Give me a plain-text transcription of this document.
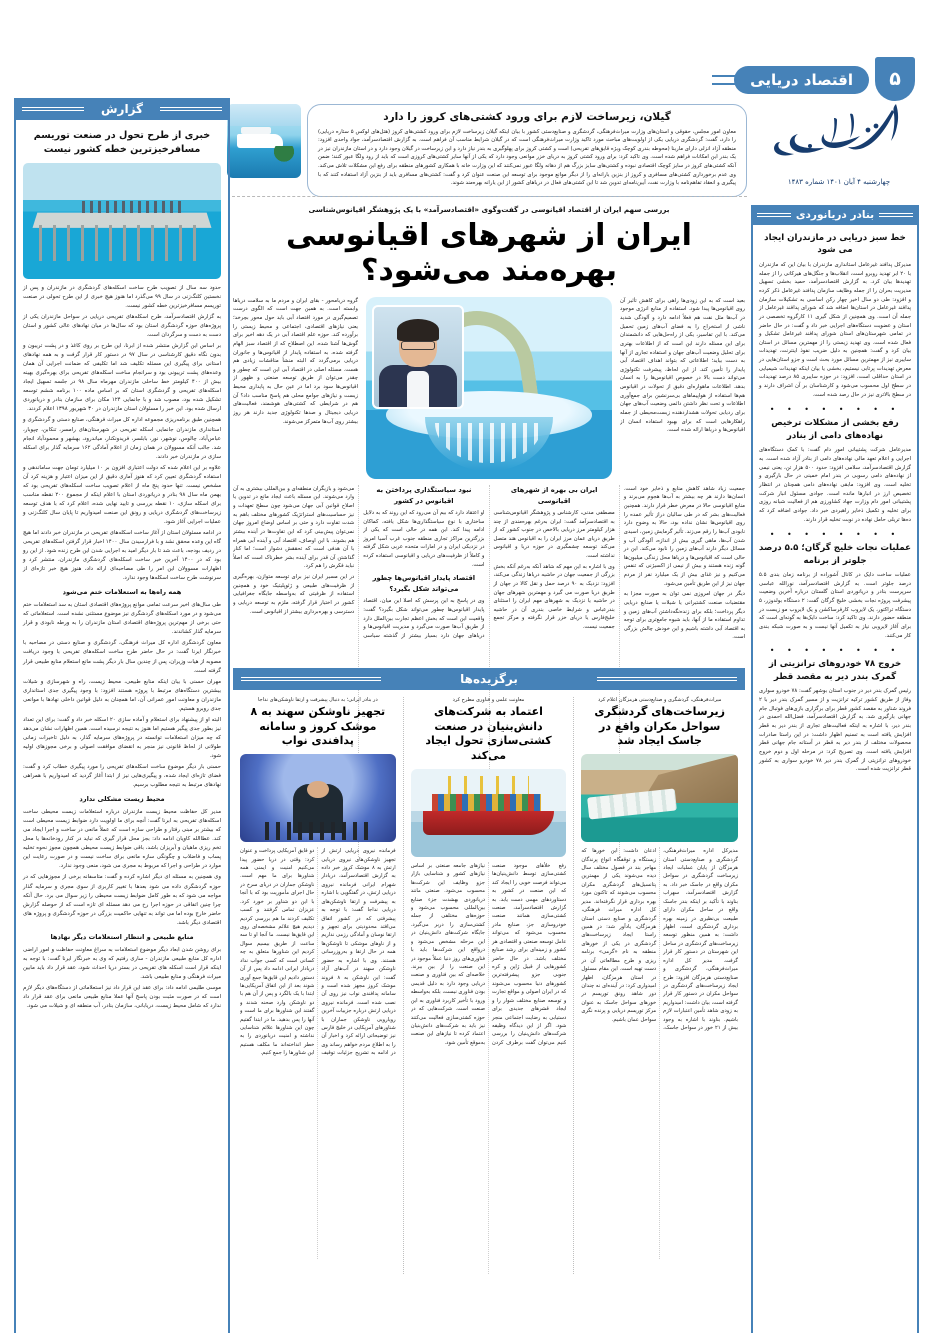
۵
اقتصاد دریایی
چهارشنبه ۴ آبان ۱۴۰۱ شماره ۱۴۸۳
گیلان، زیرساخت لازم برای ورود کشتی‌های کروز را دارد
معاون امور مجلس، حقوقی و استان‌های وزارت میراث‌فرهنگی، گردشگری و صنایع‌دستی کشور با بیان اینکه گیلان زیرساخت لازم برای ورود کشتی‌های کروز (هتل‌های لوکس ۵ ستاره دریایی) را دارد، گفت: گردشگری دریایی یکی از اولویت‌های مباحث مورد تاکید وزارت میراث‌فرهنگی است که در گیلان شرایط مناسب آن فراهم است. به گزارش اقتصادسرآمد، جواد واحدی افزود: منطقه آزاد انزلی دارای مارینا (محوطه بندری کوچک ویژه قایق‌های تفریحی) است و کشتی کروز برای پهلوگیری به بندر نیاز دارد و این زیرساخت در گیلان وجود دارد و در استان مازندران نیز در یک بندر این امکانات فراهم شده است. وی تاکید کرد: برای ورود کشتی کروز به دریای خزر موانعی وجود دارد که یکی از آنها سایر کشتی‌های کروزی است که باید از رود ولگا عبور کنند؛ ضمن آنکه کشتی‌های کروز در سایز کوچک اقتصادی نبوده و کشتی‌های سایز بزرگ هم از دهانه ولگا عبور نمی‌کنند که این وزارت خانه با همکاری کشورهای منطقه برای رفع این مشکلات تلاش می‌کند. وی عدم برخورداری کشتی‌های مسافری و کروز از بنزین یارانه‌ای را از دیگر موانع موجود برای توسعه این صنعت عنوان کرد و گفت: کشتی‌های مسافری باید از بنزین آزاد استفاده کنند که با پیگیری و انعقاد تفاهم‌نامه با وزارت نفت، آیین‌نامه‌ای تدوین شد تا این کشتی‌های فعال در دریاهای کشور از این یارانه بهره‌مند شوند.
گزارش
خبری از طرح تحول در صنعت توریسم مسافرخیزترین خطه کشور نیست

حدود سه سال از تصویب طرح ساخت اسکله‌های گردشگری در مازندران و پس از نخستین کلنگ‌زنی در سال ۹۹ می‌گذرد اما هنوز هیچ خبری از این طرح تحولی در صنعت توریسم مسافرخیزترین خطه کشور نیست.

به گزارش اقتصادسرآمد، طرح اسکله‌های تفریحی دریایی در سواحل مازندران یکی از پروژه‌های حوزه گردشگری استان بود که سال‌ها در میان نهادهای عالی کشور و استان دست به دست و سرگردان است.

بر اساس این گزارش منتشر شده از ابرنا، این طرح بر روی کاغذ و در پشت تریبون و بدون نگاه دقیق کارشناسی در سال ۹۷ در دستور کار قرار گرفت و به همه نهادهای استانی برای پیگیری این مسئله تکلیف شد اما تکلیفی که ضمانت اجرایی آن همان وعده‌های پشت تریبونی بود و سرانجام ساخت اسکله‌های تفریحی برای بهره‌گیری بهینه بیش از ۴۰۰ کیلومتر خط ساحلی مازندران مهرماه سال ۹۸ در جلسه تسهیل ایجاد اسکله‌های تفریحی و گردشگری استان که بر اساس ماده ۱۰۰ برنامه ششم توسعه تشکیل شده بود، مصوب شد و با جانمایی ۱۲۴ مکان برای سازمان بنادر و دریانوردی ارسال شده بود. این خبر را مسئولان استان مازندران در ۳۰ شهریور ۱۳۹۸ اعلام کردند.

همچنین طبق برنامه‌ریزی مجموعه اداره کل میراث فرهنگی، صنایع دستی و گردشگری و استانداری مازندران جانمایی اسکله تفریحی در شهرستان‌های رامسر، تنکابن، چپوبار، عباس‌آباد، چالوس، نوشهر، نور، بابلسر، فریدونکنار، میاندرود، بهشهر و محمودآباد انجام شد. جالب آنکه مسوولان در همان زمان از اعلام آمادگی ۱۶۲ سرمایه گذار برای اسکله سازی در مازندران خبر دادند.

علاوه بر این اعلام شده که دولت اعتباری افزون بر ۱۰ میلیارد تومان جهت ساماندهی و استفاده گردشگری تعیین کرد که هنوز آماری دقیق از این میزان اعتبار و هزینه کرد آن مشخص نیست. تنها حدود پنج ماه از اعلام تصویب ساخت اسکله‌های تفریحی بود که بهمن ماه سال ۹۸ بنادر و دریانوردی استان با اعلام اینکه از مجموع ۲۰۰ نقطه مناسب برای اسکله سازی، ۱۰ نقطه بررسی و تایید نهایی شده، اعلام کرد که با هدف توسعه زیرساخت‌های گردشگری دریایی و رونق این صنعت امیدواریم تا پایان سال کلنگ‌زنی و عملیات اجرایی آغاز شود.

در ادامه مسئولان استان از آغاز ساخت اسکله‌های تفریحی در مازندران خبر دادند اما هیچ گاه این وعده محقق نشد و با فرارسیدن سال ۱۴۰۰ اخبار قرار گرفتن اسکله‌های تفریحی در ردیف بودجه، باعث شد تا بار دیگر امید به اجرایی شدن این طرح زنده شود. از این رو بود که در ۱۴۰۰ آخرین خبر ساخت اسکله‌های گردشگری مازندران، منتشر کرد و اظهارات مسوولان این امر را طی مصاحبه‌ای ارائه داد، هنوز هیچ خبر تازه‌ای از سرنوشت طرح ساخت اسکله‌ها وجود ندارد.

همه راه‌ها به استعلامات ختم می‌شود

طی سال‌های اخیر سرعت تمامی موانع پروژه‌های اقتصادی استان به سد استعلامات ختم می‌شود و در مورد اسکله‌های گردشگری نیز موضوع مستثنی نشده است. استعلاماتی که حتی برخی از مهم‌ترین پروژه‌های اقتصادی استان مازندران را به ورطه نابودی و قرار سرمایه گذار کشاندند.

معاون گردشگری اداره کل میراث فرهنگی، گردشگری و صنایع دستی در مصاحبه با خبرنگار ایرنا گفت: در حال حاضر طرح ساخت اسکله‌های تفریحی با وجود دریافت مصوبه از هیات وزیران، پس از چندین سال بار دیگر پشت مانع استعلام منابع طبیعی قرار گرفته است.

مهران حسنی با بیان اینکه منابع طبیعی، محیط زیست، راه و شهرسازی و شیلات بیشترین دستگاه‌های مرتبط با پروژه هستند افزود: با وجود پیگیری جدی استانداری مازندران و معاونت امور عمرانی آن، اما همچنان به دلیل قوانین داخلی نهادها با موانعی جدی روبرو هستیم.

البته او از پیشنهاد برای استعلام و آماده سازی ۲۰ اسکله خبر داد و گفت: برای این تعداد نیز بطور جدی پیگیر هستیم اما هنوز به نتیجه نرسیده است. همین اظهارات نشان می‌دهد که چه میزان استعلامات توانسته در پروژه‌های سرمایه گذار، به دلیل تاخیرات زمانی طولانی از لحاظ قانونی نیز منجر به انقضای موافقت اصولی و برخی مجوزهای اولیه شود.

حسنی بار دیگر موضوع ساخت اسکله‌های تفریحی را مورد پیگیری خطاب کرد و گفت: فضای تازه‌ای ایجاد شده، و پیگیری‌هایی نیز از ابتدا آغاز گردید که امیدواریم با همراهی نهادهای مرتبط به نتیجه مطلوب برسیم.

محیط زیست مشکلی ندارد

مدیر کل حفاظت محیط زیست مازندران درباره استعلامات زیست محیطی ساخت اسکله‌های تفریحی به ابرنا گفت: آنچه برای ما اولویت دارد ضوابط زیست محیطی است که بیشتر بر مبنی رفتار و طراحی سازه است که عملاً مانعی در ساخت و اجرا ایجاد می کند. عطاالله کاویان ادامه داد: بجز محل قرار گیری که نباید در کنار رودخانه‌ها یا محل تخم ریزی ماهیان و آبریزان باشد، باقی ضوابط زیست محیطی همچون مجوز نحوه تخلیه پساب و فاضلاب و چگونگی سازه مانعی برای ساخت نیست و در صورت رعایت این موارد در طراحی و اجرا که مربوط به مجری می شود، منعی وجود ندارد.

وی همچنین به مسئله ای دیگر اشاره کرده و گفت: متاسفانه برخی از مجوزهایی که در حوزه گردشگری داده می شود بعدها با تغییر کاربری از سوی مجری و سرمایه گذار مواجه می شود که به طور کامل ضوابط زیست محیطی را زیر سوال می برد. حال آنکه چرا چنین اتفاقی در حوزه اجرا رخ می دهد مسئله ای تازه است که از حوصله گزارش حاضر خارج بوده اما می تواند به تنهایی حاکمیت بزرگی در حوزه گردشگری و پروژه های اقتصادی دیگر باشد.

منابع طبیعی و انتظار استعلامات دیگر نهادها

برای روشن شدن ابعاد دیگر موضوع استعلامات به سراغ معاونت حفاظت و امور اراضی اداره کل منابع طبیعی مازندران - ساری رفتیم که وی به خبرنگار ایرنا گفت: با توجه به اینکه قرار است اسکله های تفریحی در بستر دریا احداث شود، عقد قرار داد باید مابین میراث فرهنگی و منابع طبیعی باشد.

موسی طلیمی ادامه داد: برای عقد این قرار داد نیز استعلاماتی از دستگاه‌های دیگر لازم است که در صورت مثبت بودن پاسخ آنها عملا منابع طبیعی مانعی برای عقد قرار داد ندارد که شامل محیط زیست، دریابانی، سازمان بنادر، آب منطقه ای و شیلات می شود.

بنادر دریانوردی
خط سبز دریایی در مازندران ایجاد می شود
مدیرکل پدافند غیرعامل استانداری مازندران با بیان این که مازندران با ۲۰ ابر تهدید روبرو است، انقلاب‌ها و جنگل‌های هیرکانی را از جمله تهدیدها بیان کرد. به گزارش اقتصادسرآمد، حمید بخشی تسهیل مدیریت بحران را از جمله وظایف سازمان پدافند غیرعامل ذکر کرده و افزود: طی دو سال اخیر چهار رکن اساسی به تشکیلات سازمان پدافند غیرعامل در استان‌ها اضافه شد که شورای پدافند غیرعامل از جمله آن است. وی همچنین از شکل گیری ۱۱ کارگروه تخصصی در استان و عضویت دستگاه‌های اجرایی خبر داد و گفت: در حال حاضر در تمامی شهرستان‌های استان شورای پدافند غیرعامل تشکیل و فعال شده است. وی تهدید زیستی را از مهمترین مسائل در استان بیان کرد و گفت: همچنین به دلیل ضریب نفوذ اینترنت، تهدیدات سایبری نیز از مهمترین مسائل مورد بحث است و جزو استان‌هایی در معرض تهدیدات پرتابی نیستیم، بخشی یا بیان اینکه تهدیدات شیمیایی در استان حداقلی است، افزود: در حوزه سایبری ۸۵ درصد تهدیدات در سطح اول محسوب می‌شود و کارشناسان بر آن اشراف دارند و در سطح بالاتری نیز در حال رصد شده است.
• • • • • • • •
رفع بخشی از مشکلات ترخیص نهاده‌های دامی از بنادر
مدیرعامل شرکت پشتیبانی امور دام گفت: با کمک دستگاه‌های اجرایی و اعلام تعهد مالی نهاده‌های دامی از بنادر آزاد شده است. به گزارش اقتصادسرآمد، سلامی افزود: حدود ۵۰۰ هزار تن، یعنی نیمی از نهاده‌های دامی رسوبی در بندر امام خمینی در حال بارگیری و تخلیه است. وی افزود: مابقی نهاده‌های دامی همچنان در انتظار تخصیص ارز در انبارها مانده است. جوادی مسئول انبار شرکت پشتیبانی امور دام وزارت جهاد کشاورزی هم از فعالیت شبانه روزی برای تخلیه و تکمیل ذخایر راهبردی خبر داد. جوادی اضافه کرد که ده‌ها تریلی حامل نهاده در نوبت تخلیه قرار دارند.
• • • • • • • •
عملیات نجات خلیج گرگان؛ ۵.۵ درصد جلوتر از برنامه
عملیات ساخت دایک در کانال آشوراده از برنامه زمان بندی ۵.۵ درصد جلوتر است. به گزارش اقتصادسرآمد، نورالله عباسی سرپرست بنادر و دریانوردی استان گلستان درباره آخرین وضعیت پیشرفت پروژه نجات بخشی خلیج گرگان گفت: ۲ دستگاه بولدوزر، ۵ دستگاه تراکتور، یک لایروب کارفرساکشن و یک لایروب مو زیست در منطقه حضور دارند. وی تاکید کرد: ساخت دایک‌ها به گونه‌ای است که برای آغاز لایروبی نیاز به تکمیل آنها نیست و به صورت شبکه بندی کار می‌کنند.
• • • • • • • •
خروج ۷۸ خودروهای ترانزیتی از گمرک بندر دیر به مقصد قطر
رئیس گمرک بندر دیر در جنوب استان بوشهر گفت: ۷۸ خودرو سواری وفاز از طریق کشور ترکیه ترانزیت و از مسیر گمرک بندر دیر با ۲ فروند شناور به مقصد کشور قطر برای برگزاری بازی‌های فوتبال جام جهانی بارگیری شد. به گزارش اقتصادسرآمد، فضل‌الله احمدی در بندر دیر، با اشاره به اینکه فعالیت‌های تجاری از بندر دیر به قطر افزایش یافته است به تسنیم اظهار داشت: در این راستا صادرات محصولات مختلف از بندر دیر به قطر در آستانه جام جهانی قطر افزایش یافته است. وی تصریح کرد: در مرحله اول و دوم خروج خودروهای ترانزیتی از گمرک بندر دیر ۷۸ خودرو سواری به کشور قطر ترانزیت شده است.
بررسی سهم ایران از اقتصاد اقیانوسی در گفت‌وگوی «اقتصادسرآمد» با یک پژوهشگر اقیانوس‌شناسی
ایران از شهرهای اقیانوسی بهره‌مند می‌شود؟
بعید است که به این زودی‌ها راهی برای کاهش تأثیر آن روی اقیانوس‌ها پیدا شود. استفاده از منابع انرژی موجود در آب‌ها مثل نفت هم فعلاً ادامه دارد و آلودگی شدید ناشی از استخراج را به فضای آب‌های زمین تحمیل می‌کند. با این تفاسیر، یکی از راه‌حل‌هایی که دانشمندان برای این مسئله دارند این است که از اطلاعات بهتری برای تحلیل وضعیت آب‌های جهان و استفاده تجاری از آنها به دست بیاید؛ اطلاعاتی که بتواند اهداف اقتصاد آبی پایدار را تأمین کند. از این لحاظ، پیشرفت تکنولوژی می‌تواند دست بالا در خصوص اقیانوس‌ها را به انسان بدهد. اطلاعات ماهواره‌ای دقیق از تحولات در اقیانوس هم‌ها استفاده از هواپیماهای بی‌سرنشین برای جمع‌آوری اطلاعات و تحت نظر داشتن دائمی وضعیت آب‌های جهان برای ردیابی تحولات هشداردهنده زیست‌محیطی از جمله راهکارهایی است که برای بهبود استفاده انسان از اقیانوس‌ها و دریاها ارائه شده است.
گروه دریامحور - بقای ایران و مردم ما به سلامت دریاها وابسته است. به همین جهت است که الگوی درست تصمیم‌گیری در مورد اقتصاد آبی باید حول محور بچرخد؛ یعنی نیازهای اقتصادی، اجتماعی و محیط زیستی را برآورده کند. حوزه علم اقتصاد آبی در یک دهه اخیر برای گوش‌ها آشنا شده. این اصطلاح که از اقتصاد سبز الهام گرفته شده، به استفاده پایدار از اقیانوس‌ها و جانوران دریایی برمی‌گردد که البته منشأ مناقشات زیادی هم هست. مسئله اصلی در اقتصاد آبی این است که چطور و چقدر می‌توان از طریق توسعه صنعتی و ظهور از اقیانوس‌ها سود برد اما در عین حال به پایداری محیط زیست و نیازهای جوامع محلی هم پاسخ مناسب داد؟ آن هم در شرایطی که کشتی‌های هوشمند، فعالیت‌های دریایی دیجیتال و صدها تکنولوژی جدید دارند هر روز بیشتر روی آب‌ها متمرکز می‌شوند.

جمعیت زیاد شاهد کاهش منابع و ذخایر خود است. انسان‌ها دارند هر چه بیشتر به آب‌ها هجوم می‌برند و منابع اقیانوسی حالا در معرض خطر قرار دارند. همچنین فعالیت‌های بشر که در طی سالیان دراز تأثیر عمده را روی اقیانوس‌ها نشان نداده بود، حالا به وضوح دارد نابودی آب‌ها را رقم می‌زند. تأثیر گرمایش زمین، اسیدی شدن آب‌ها، ماهی گیری بیش از اندازه، آلودگی آب و مسائل دیگر دارند آب‌های زمین را نابود می‌کند. این در حالی است که اقیانوس‌ها و دریاها محل زندگی میلیون‌ها گونه زنده هستند و بیش از نیمی از اکسیژنی که تنفس می‌کنیم و نیز غذای بیش از یک میلیارد نفر از مردم جهان نیز از این طریق تأمین می‌شود.

دیگر در جهان امروزی نمی توان به صورت مجزا به مقتضیات صنعت کشتیرانی یا شیلات یا صنایع دریایی دیگر پرداخت؛ بلکه برای زنده‌نگه‌داشتن آب‌های زمین و تداوم استفاده ما از آنها، باید شیوه جامع‌تری برای توجه به اقتصاد آبی داشته باشیم و این خودش چالش بزرگی است.

ایران بی بهره از شهرهای اقیانوسی

مصطفی مدنی، کارشناس و پژوهشگر اقیانوس‌شناسی به اقتصادسرآمد گفت: ایران به‌رغم بهره‌مندی از چند هزار کیلومتر مرز دریایی بالاخص در جنوب کشور که از طریق دریای عمان مرز ایران را به اقیانوس هند متصل می‌کند توسعه چشمگیری در حوزه دریا و اقیانوس نداشته است.

وی با اشاره به این مهم که شاهد آنکه به‌رغم آنکه بخش بزرگی از جمعیت جهان در حاشیه دریاها زندگی می‌کند، افزود: نزدیک به ۹۰ درصد حمل و نقل کالا در جهان از طریق دریا صورت می گیرد و مهمترین شهرهای جهان در حاشیه یا نزدیک به شهرهای مهم ایران را استثنای بندرعباس و شرایط خاصی بندری آن در حاشیه خلیج‌فارس یا دریای خزر قرار نگرفته و مرکز تجمع جمعیت نیست.

نبود سیاستگذاری پرداختن به اقیانوس در کشور

او اعتقاد دارد که بیم آن می‌رود که این روند که به دلایل ساختاری با نوع سیاستگذاری‌ها شکل یافته، کماکان ادامه پیدا کند. این همه در حالی است که یکی از بزرگترین مراکز تجاری منطقه جنوب غرب آسیا امروز در نزدیکی ایران و در امارات متحده عربی شکل گرفته و کاملاً از ظرفیت‌های دریایی و اقیانوسی استفاده کرده است.

اقتصاد پایدار اقیانوس‌ها چطور می‌تواند شکل بگیرد؟

وی در پاسخ به این پرسش که اصلا این میان، اقتصاد پایدار اقیانوس‌ها چطور می‌تواند شکل بگیرد؟ گفت: واقعیت این است که بخش اعظم تجارت بین‌الملل دارد از طریق آب‌ها صورت می‌گیرد و مدیریت اقیانوس‌ها و دریاهای جهان دارد بسیار بیشتر از گذشته سیاسی می‌شود و بازیگران منطقه‌ای و بین‌المللی بیشتری به آن وارد می‌شوند. این مسئله باعث ایجاد مانع در تدوین یا اصلاح قوانین آبی جهان می‌شود چون سطح تعهدات و نیز حساسیت‌های استراتژیک کشورهای مختلف باهم به شدت تفاوت دارد و حتی بر اساس اوضاع امروز جهان نمی‌توان پیش‌بینی کرد که این تفاوت‌ها در آینده بیشتر هم بشوند. با این اوصاف، اقتصاد آبی و آینده آبی همراه با آن هدفی است که تحققش دشوار است؛ اما کنار گذاشتن آن قدر برای آینده بشر خطرناک است که اصلاً نباید فکرش را هم کرد.

در این مسیر ایران نیز برای توسعه متوازن، بهره‌گیری از ظرفیت‌های طبیعی و ژئوپلیتیک خود و همچنین استفاده از ظرفیتی که به‌واسطه جایگاه جغرافیایی کشور در اختیار قرار گرفته، ملزم به توسعه دریایی و دسترسی و بهره‌برداری بیشتر از اقیانوس است.

برگزیده‌ها
میراث‌فرهنگی، گردشگری و صنایع‌دستی هرمزگان اعلام کرد
زیرساخت‌های گردشگری سواحل مکران واقع در جاسک ایجاد شد
مدیرکل اداره میراث‌فرهنگی، گردشگری و صنایع‌دستی استان هرمزگان از پایان عملیات ایجاد زیرساخت گردشگری در سواحل مکران واقع در جاسک خبر داد. به گزارش اقتصادسرآمد، سهراب بناوند با تأکید بر اینکه بندر جاسک واقع در ساحل مکران دارای طبیعت بی‌نظیری در زمینه بهره برداری گردشگری است، اظهار داشت: به همین منظور توسعه زیرساخت‌های گردشگری در ساحل این شهرستان در دستور کار قرار گرفت. مدیر کل اداره میراث‌فرهنگی، گردشگری و صنایع‌دستی هرمزگان افزود: طرح ایجاد زیرساخت‌های گردشگری در سواحل مکران در دستور کار قرار گرفته است، بیان داشت: امیدواریم به زودی شاهد تأمین اعتبارات لازم باشیم. بناوند با اشاره به وجود بیش از ۲۱ خور در سواحل جاسک، اذعان داشت: این خورها که زیستگاه و توقفگاه انواع پرندگان مهاجر بند در فصول مختلف سال دیده می‌شوند یکی از مهمترین پتانسیل‌های گردشگری مکران محسوب می‌شوند که تاکنون مورد بهره برداری قرار نگرفته‌اند. مدیر کل اداره میراث فرهنگی، گردشگری و صنایع دستی استان هرمزگان، یادآور شد: در همین راستا ایجاد زیرساخت‌های گردشگری در یکی از خورهای منطقه به نام «گرمی» برنامه ریزی و طرح مطالعاتی آن در دست تهیه است. این مقام مسئول در استان هرمزگان، اظهار امیدواری کرد: در آینده‌ای نه چندان دور شاهد رونق توریسم در خورهای سواحل جاسک به عنوان مرکز توریسم دریایی و پرنده نگری سواحل عمان باشیم.
معاونت علمی و فناوری مطرح کرد
اعتماد به شرکت‌های دانش‌بنیان در صنعت کشتی‌سازی تحول ایجاد می‌کند
رفع خلأهای موجود صنعت کشتی‌سازی توسط دانش‌بنیان‌ها می‌تواند فرصت خوبی را ایجاد کند که این صنعت در کشور به دستاوردهای مهمی دست یابد. به گزارش اقتصادسرآمد، صنعت کشتی‌سازی همانند صنعت خودروسازی جز، صنایع مادر محسوب می‌شود که می‌تواند عامل توسعه صنعتی و اقتصادی هر کشور و زمینه‌ای برای رشد صنایع مختلف باشد. در حال حاضر کشورهایی از قبیل ژاپن و کره جنوبی جزو پیشرفته‌ترین کشورهای دنیا محسوب می‌شوند که در ایران اصولی و مواقع تجارت و توسعه صنایع مختلف شوار را و ایجاد قشرهای جدیدی برای دستیابی به رضایت اجتماعی منجر شود. اگر از این دیدگاه وظیفه شرکت‌های دانش‌بنیان را بررسی کنیم می‌توان گفت برطرف کردن نیازهای جامعه صنعتی بر اساس نیاز‌های کشور و شناسایی بازار جزو وظایف این شرکت‌ها محسوب می‌شود. صنعتی مانند دریانوردی بهشدت جزء صنایع بین‌المللی محسوب می‌شود و حوزه‌های مختلفی از جمله کشتی‌سازی را دربر می‌گیرد. جایگاه شرکت‌های دانش‌بنیان در این مرحله مشخص می‌شود و درواقع این شرکت‌ها باید با فناوری‌های روز دنیا عملاً موجود در این صنعت را از بین ببرند. خلاصه‌ای که بین فناوری و صنعت دریایی وجود دارد به دلیل قدیمی بودن فناوری نیست، بلکه به‌واسطه ورود با تأخیر کاربرد فناوری به این صنعت است. شرکت‌هایی که در حوزه کشتی‌سازی فعالیت می‌کنند نیز باید به شرکت‌های دانش‌بنیان اعتماد کرده تا نیازهای این صنعت به‌موقع تأمین شود.
در بنادر ایرانی؛ به دنبال پیشرفت و ارتقا ناوشکن‌های نداجا
تجهیز ناوشکن سهند به ۸ موشک کروز و سامانه پدافندی نواب
فرمانده نیروی دریایی ارتش از تجهیز ناوشکن‌های نیروی دریایی ارتش به ۸ موشک کروز خبر داده به گزارش اقتصادسرآمد، دریادار شهرام ایرانی فرمانده نیروی دریایی ارتش، در گفتگویی با اشاره به پیشرفت و ارتقا ناوشکن‌های دریایی نداجا گفت: با توجه به پیشرفتی که در کشور اتفاق می‌افتد محدودیتی برای تجهیز و ارتقا نوسان و آمادگی رزمی نداریم و از ناوهای موشکی تا ناوشکن‌ها همه در حال ارتقا و به‌روزرسانی هستند. وی با اشاره به حضور ناوشکن سهند در آب‌های آزاد گفت: این ناوشکن به ۸ فروند موشک کروز مجهز شده است و سامانه پدافندی نواب نیز روی آن نصب شده است. فرمانده نیروی دریایی ارتش درباره جزییات آخرین رویارویی ناوشکن جماران با شناورهای آمریکایی در خلیج فارس نیز توضیحاتی ارائه کرد و اخبار آن را به اطلاع مردم خواهم رساند وی در ادامه به تشریح جزئیات توقیف دو قایق آمریکایی پرداخت و عنوان کرد: وقتی در دریا حضور پیدا می‌کنیم امنیت و ایمنی همه شناورها برای ما مهم است. ناوشکن جماران در دریای سرخ در حال اجرای مأموریت بود که با آنجا با این دو شناور بر خورد کرد. عزیزان تماس گرفتند و کسب تکلیف کردند ما هم بررسی کردیم دیدیم هیچ علائم مشخصه‌ای روی این قایق‌ها نیست. ما آنجا او تا سه ساعت از طریق بیسیم سوال کردیم این شناورها متعلق به چه کسانی است که کسی جواب نداد دریادار ایرانی ادامه داد پس از آن دستور دادیم این قایق‌ها جمع آوری شوند بعد از این اتفاق آمریکایی‌ها ابتدا با یک بالگرد و پس از آن هم با دو ناوشکن وارد صحنه شدند و گفتند این شناورها برای ما است و آنها را پس بدهید. ما در ابتدا گفتیم چون این شناورها علائم شناسایی نداشته و امنیت دریانوردی را به خطر انداخته‌اند ما مکلف هستیم این شناورها را جمع کنیم.
